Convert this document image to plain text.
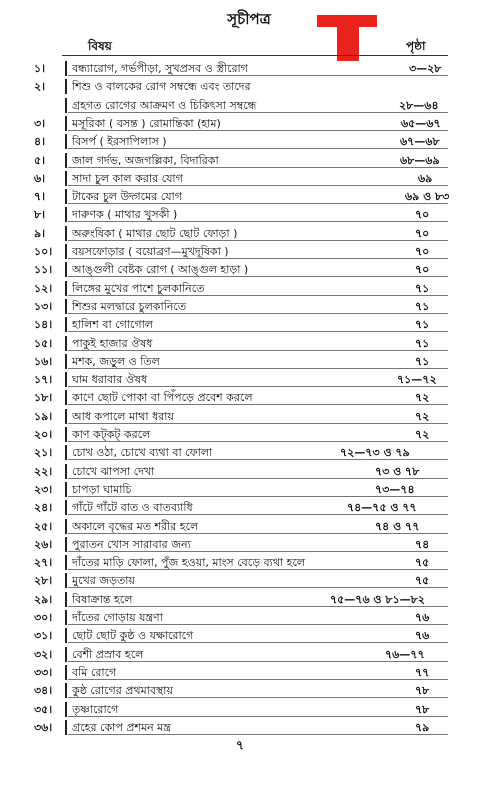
সূচীপত্র
বিষয়	পৃষ্ঠা
১।	বন্ধ্যারোগ, গর্ভপীড়া, সুখপ্রসব ও স্ত্রীরোগ	৩—২৮
২।	শিশু ও বালকের রোগ সম্বন্ধে এবং তাদের
গ্রহগত রোগের আক্রমণ ও চিকিৎসা সম্বন্ধে	২৮—৬৪
৩।	মসূরিকা ( বসন্ত ) রোমান্তিকা (হাম)	৬৫—৬৭
৪।	বিসর্প ( ইরসাপিলাস )	৬৭—৬৮
৫।	জাল গর্দভ, অজগল্লিকা, বিদারিকা	৬৮—৬৯
৬।	সাদা চুল কাল করার যোগ	৬৯
৭।	টাকের চুল উদ্গমের যোগ	৬৯ ও ৮৩
৮।	দারুণক ( মাথার খুসকী )	৭০
৯।	অরুংষিকা ( মাথার ছোট ছোট ফোড়া )	৭০
১০।	বয়সফোড়ার ( বয়োব্রণ—মুখদূষিকা )	৭০
১১।	আঙ্গুলী বেষ্টক রোগ ( আঙ্গুল হাড়া )	৭০
১২।	লিঙ্গের মুখের পাশে চুলকানিতে	৭১
১৩।	শিশুর মলদ্বারে চুলকানিতে	৭১
১৪।	হালিশ বা গোগোল	৭১
১৫।	পাকুই হাজার ঔষধ	৭১
১৬।	মশক, জড়ুল ও তিল	৭১
১৭।	ঘাম ধরাবার ঔষধ	৭১—৭২
১৮।	কাণে ছোট পোকা বা পিঁপড়ে প্রবেশ করলে	৭২
১৯।	আধ কপালে মাথা ধরায়	৭২
২০।	কাণ কট্‌কট্‌ করলে	৭২
২১।	চোখ ওঠা, চোখে ব্যথা বা ফোলা	৭২—৭৩ ও ৭৯
২২।	চোখে ঝাপসা দেখা	৭৩ ও ৭৮
২৩।	চাপড়া ঘামাচি	৭৩—৭৪
২৪।	গাঁটে গাঁটে বাত ও বাতব্যাধি	৭৪—৭৫ ও ৭৭
২৫।	অকালে বৃদ্ধের মত শরীর হলে	৭৪ ও ৭৭
২৬।	পুরাতন খোস সারাবার জন্য	৭৪
২৭।	দাঁতের মাড়ি ফোলা, পুঁজ হওয়া, মাংস বেড়ে ব্যথা হলে	৭৫
২৮।	মুখের জড়তায়	৭৫
২৯।	বিষাক্রান্ত হলে	৭৫—৭৬ ও ৮১—৮২
৩০।	দাঁতের গোড়ায় যন্ত্রণা	৭৬
৩১।	ছোট ছোট কুষ্ঠ ও যক্ষারোগে	৭৬
৩২।	বেশী প্রস্রাব হলে	৭৬—৭৭
৩৩।	বমি রোগে	৭৭
৩৪।	কুষ্ঠ রোগের প্রথমাবস্থায়	৭৮
৩৫।	তৃষ্ণারোগে	৭৮
৩৬।	গ্রহের কোপ প্রশমন মন্ত্র	৭৯
৭
